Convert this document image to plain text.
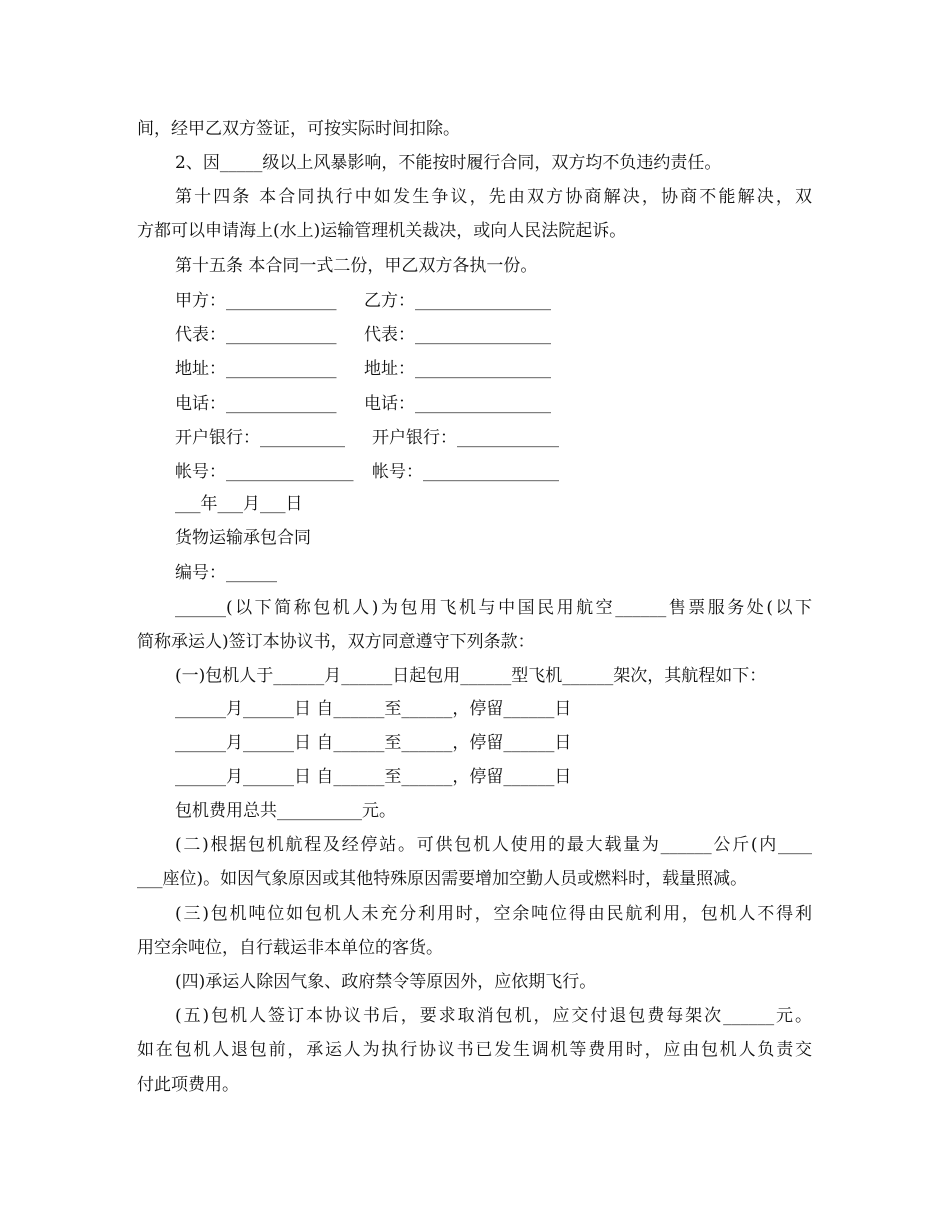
间，经甲乙双方签证，可按实际时间扣除。

2、因_____级以上风暴影响，不能按时履行合同，双方均不负违约责任。

第十四条 本合同执行中如发生争议，先由双方协商解决，协商不能解决，双

方都可以申请海上(水上)运输管理机关裁决，或向人民法院起诉。

第十五条 本合同一式二份，甲乙双方各执一份。

甲方：_____________ 乙方：________________
代表：_____________ 代表：________________
地址：_____________ 地址：________________
电话：_____________ 电话：________________
开户银行：__________ 开户银行：____________
帐号：_______________ 帐号：________________

___年___月___日

货物运输承包合同

编号：______

______(以下简称包机人)为包用飞机与中国民用航空______售票服务处(以下

简称承运人)签订本协议书，双方同意遵守下列条款：

(一)包机人于______月______日起包用______型飞机______架次，其航程如下：

______月______日 自______至______，停留______日

______月______日 自______至______，停留______日

______月______日 自______至______，停留______日

包机费用总共__________元。

(二)根据包机航程及经停站。可供包机人使用的最大载量为______公斤(内____

___座位)。如因气象原因或其他特殊原因需要增加空勤人员或燃料时，载量照减。

(三)包机吨位如包机人未充分利用时，空余吨位得由民航利用，包机人不得利

用空余吨位，自行载运非本单位的客货。

(四)承运人除因气象、政府禁令等原因外，应依期飞行。

(五)包机人签订本协议书后，要求取消包机，应交付退包费每架次______元。

如在包机人退包前，承运人为执行协议书已发生调机等费用时，应由包机人负责交

付此项费用。
